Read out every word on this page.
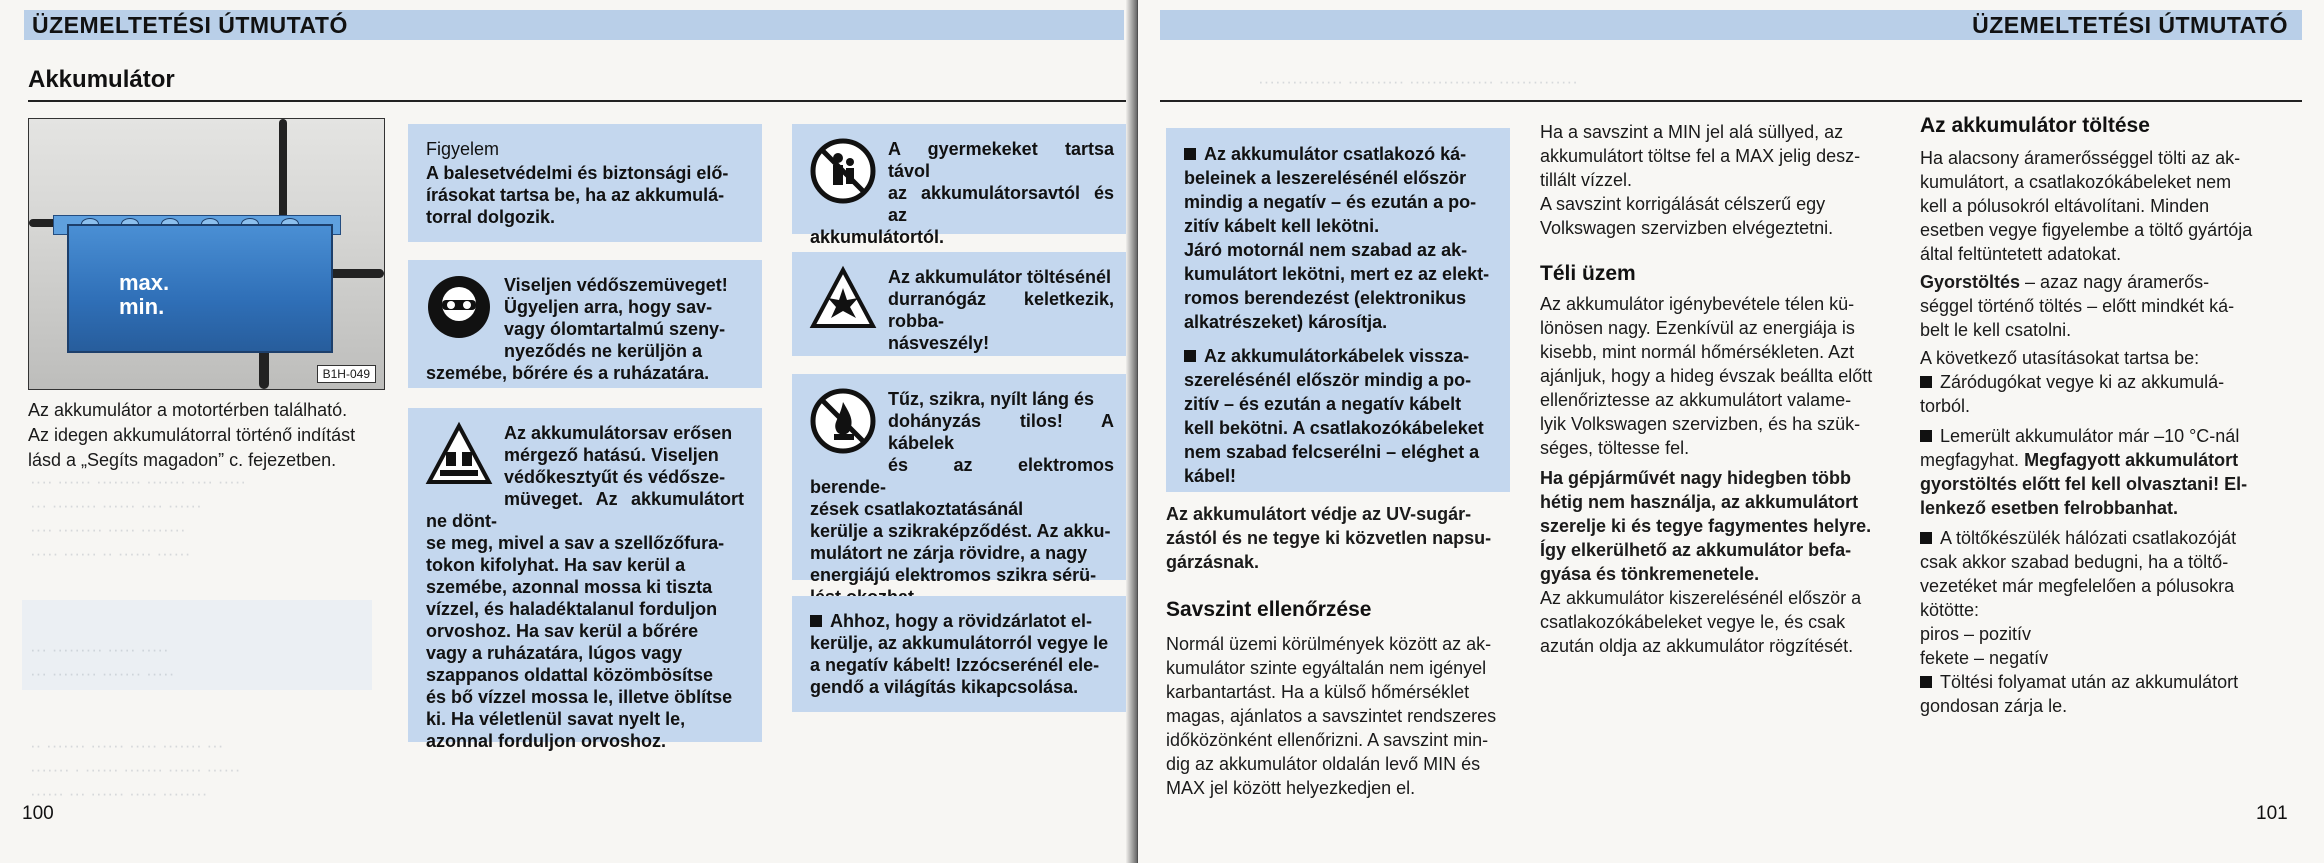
ÜZEMELTETÉSI ÚTMUTATÓ
Akkumulátor
···· ······ ········ ······· ···· ·····
··· ········ ······ ···· ······
···· ········ ····· ········
····· ······ ·· ······ ······

··· ········· ····· ·····
··· ········ ······· ·····

·· ······· ······ ····· ······· ···
······· · ······ ······· ······ ······
······ ··· ······ ····· ········
max.
min.
B1H-049
Az akkumulátor a motortérben található.
Az idegen akkumulátorral történő indítást
lásd a „Segíts magadon” c. fejezetben.
100
Figyelem
A balesetvédelmi és biztonsági elő-
írásokat tartsa be, ha az akkumulá-
torral dolgozik.
Viseljen védőszemüveget!
Ügyeljen arra, hogy sav-
vagy ólomtartalmú szeny-
nyeződés ne kerüljön a
szemébe, bőrére és a ruházatára.
Az akkumulátorsav erősen
mérgező hatású. Viseljen
védőkesztyűt és védősze-
müveget. Az akkumulátort ne dönt-
se meg, mivel a sav a szellőzőfura-
tokon kifolyhat. Ha sav kerül a
szemébe, azonnal mossa ki tiszta
vízzel, és haladéktalanul forduljon
orvoshoz. Ha sav kerül a bőrére
vagy a ruházatára, lúgos vagy
szappanos oldattal közömbösítse
és bő vízzel mossa le, illetve öblítse
ki. Ha véletlenül savat nyelt le,
azonnal forduljon orvoshoz.
A gyermekeket tartsa távol
az akkumulátorsavtól és az
akkumulátortól.
Az akkumulátor töltésénél
durranógáz keletkezik, robba-
násveszély!
Tűz, szikra, nyílt láng és
dohányzás tilos! A kábelek
és az elektromos berende-
zések csatlakoztatásánál
kerülje a szikraképződést. Az akku-
mulátort ne zárja rövidre, a nagy
energiájú elektromos szikra sérü-
Ahhoz, hogy a rövidzárlatot el-
kerülje, az akkumulátorról vegye le
a negatív kábelt! Izzócserénél ele-
gendő a világítás kikapcsolása.
ÜZEMELTETÉSI ÚTMUTATÓ
··············· ·········· ··············· ··············
Az akkumulátor csatlakozó ká-
beleinek a leszerelésénél először
mindig a negatív – és ezután a po-
zitív kábelt kell lekötni.
Járó motornál nem szabad az ak-
kumulátort lekötni, mert ez az elekt-
romos berendezést (elektronikus
alkatrészeket) károsítja.
Az akkumulátorkábelek vissza-
szerelésénél először mindig a po-
zitív – és ezután a negatív kábelt
kell bekötni. A csatlakozókábeleket
nem szabad felcserélni – eléghet a
kábel!
Az akkumulátort védje az UV-sugár-
zástól és ne tegye ki közvetlen napsu-
gárzásnak.
Savszint ellenőrzése
Normál üzemi körülmények között az ak-
kumulátor szinte egyáltalán nem igényel
karbantartást. Ha a külső hőmérséklet
magas, ajánlatos a savszintet rendszeres
időközönként ellenőrizni. A savszint min-
dig az akkumulátor oldalán levő MIN és
MAX jel között helyezkedjen el.
Ha a savszint a MIN jel alá süllyed, az
akkumulátort töltse fel a MAX jelig desz-
tillált vízzel.
A savszint korrigálását célszerű egy
Volkswagen szervizben elvégeztetni.
Téli üzem
Az akkumulátor igénybevétele télen kü-
lönösen nagy. Ezenkívül az energiája is
kisebb, mint normál hőmérsékleten. Azt
ajánljuk, hogy a hideg évszak beállta előtt
ellenőriztesse az akkumulátort valame-
lyik Volkswagen szervizben, és ha szük-
séges, töltesse fel.
Ha gépjárművét nagy hidegben több
hétig nem használja, az akkumulátort
szerelje ki és tegye fagymentes helyre.
Így elkerülhető az akkumulátor befa-
gyása és tönkremenetele.
Az akkumulátor kiszerelésénél először a
csatlakozókábeleket vegye le, és csak
azután oldja az akkumulátor rögzítését.
Az akkumulátor töltése
Ha alacsony áramerősséggel tölti az ak-
kumulátort, a csatlakozókábeleket nem
kell a pólusokról eltávolítani. Minden
esetben vegye figyelembe a töltő gyártója
által feltüntetett adatokat.
Gyorstöltés – azaz nagy áramerős-
séggel történő töltés – előtt mindkét ká-
belt le kell csatolni.
A következő utasításokat tartsa be:
Záródugókat vegye ki az akkumulá-
torból.
Lemerült akkumulátor már –10 °C-nál
megfagyhat. Megfagyott akkumulátort
gyorstöltés előtt fel kell olvasztani! El-
lenkező esetben felrobbanhat.
A töltőkészülék hálózati csatlakozóját
csak akkor szabad bedugni, ha a töltő-
vezetéket már megfelelően a pólusokra
kötötte:
piros – pozitív
fekete – negatív
Töltési folyamat után az akkumulátort
gondosan zárja le.
101
